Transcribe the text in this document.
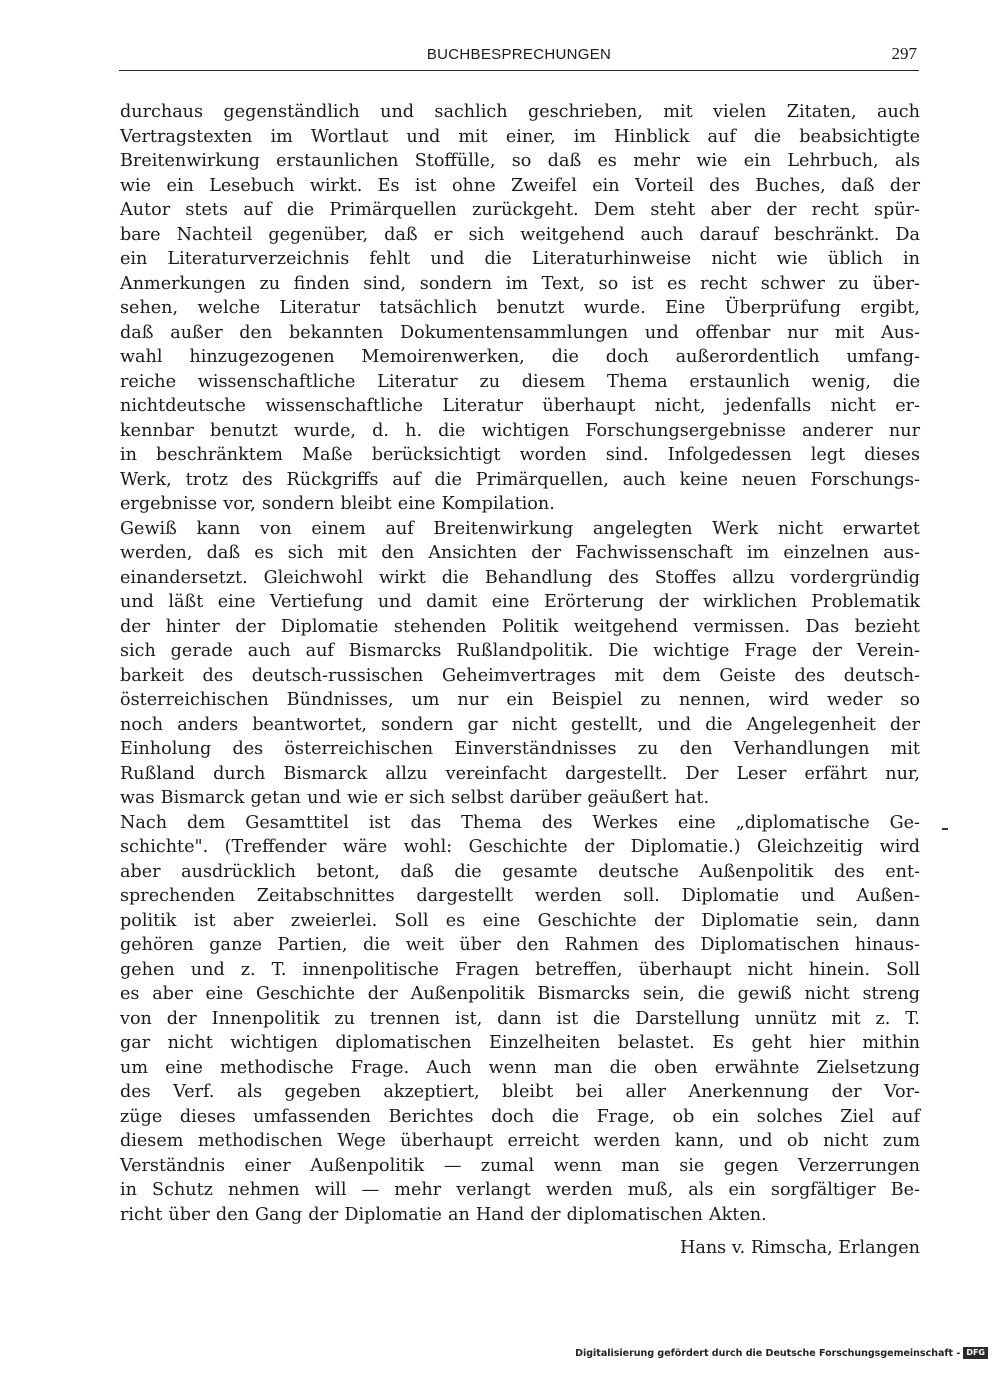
BUCHBESPRECHUNGEN	297
durchaus gegenständlich und sachlich geschrieben, mit vielen Zitaten, auch
Vertragstexten im Wortlaut und mit einer, im Hinblick auf die beabsichtigte
Breitenwirkung erstaunlichen Stoffülle, so daß es mehr wie ein Lehrbuch, als
wie ein Lesebuch wirkt. Es ist ohne Zweifel ein Vorteil des Buches, daß der
Autor stets auf die Primärquellen zurückgeht. Dem steht aber der recht spür-
bare Nachteil gegenüber, daß er sich weitgehend auch darauf beschränkt. Da
ein Literaturverzeichnis fehlt und die Literaturhinweise nicht wie üblich in
Anmerkungen zu finden sind, sondern im Text, so ist es recht schwer zu über-
sehen, welche Literatur tatsächlich benutzt wurde. Eine Überprüfung ergibt,
daß außer den bekannten Dokumentensammlungen und offenbar nur mit Aus-
wahl hinzugezogenen Memoirenwerken, die doch außerordentlich umfang-
reiche wissenschaftliche Literatur zu diesem Thema erstaunlich wenig, die
nichtdeutsche wissenschaftliche Literatur überhaupt nicht, jedenfalls nicht er-
kennbar benutzt wurde, d. h. die wichtigen Forschungsergebnisse anderer nur
in beschränktem Maße berücksichtigt worden sind. Infolgedessen legt dieses
Werk, trotz des Rückgriffs auf die Primärquellen, auch keine neuen Forschungs-
ergebnisse vor, sondern bleibt eine Kompilation.
Gewiß kann von einem auf Breitenwirkung angelegten Werk nicht erwartet
werden, daß es sich mit den Ansichten der Fachwissenschaft im einzelnen aus-
einandersetzt. Gleichwohl wirkt die Behandlung des Stoffes allzu vordergründig
und läßt eine Vertiefung und damit eine Erörterung der wirklichen Problematik
der hinter der Diplomatie stehenden Politik weitgehend vermissen. Das bezieht
sich gerade auch auf Bismarcks Rußlandpolitik. Die wichtige Frage der Verein-
barkeit des deutsch-russischen Geheimvertrages mit dem Geiste des deutsch-
österreichischen Bündnisses, um nur ein Beispiel zu nennen, wird weder so
noch anders beantwortet, sondern gar nicht gestellt, und die Angelegenheit der
Einholung des österreichischen Einverständnisses zu den Verhandlungen mit
Rußland durch Bismarck allzu vereinfacht dargestellt. Der Leser erfährt nur,
was Bismarck getan und wie er sich selbst darüber geäußert hat.
Nach dem Gesamttitel ist das Thema des Werkes eine „diplomatische Ge-
schichte". (Treffender wäre wohl: Geschichte der Diplomatie.) Gleichzeitig wird
aber ausdrücklich betont, daß die gesamte deutsche Außenpolitik des ent-
sprechenden Zeitabschnittes dargestellt werden soll. Diplomatie und Außen-
politik ist aber zweierlei. Soll es eine Geschichte der Diplomatie sein, dann
gehören ganze Partien, die weit über den Rahmen des Diplomatischen hinaus-
gehen und z. T. innenpolitische Fragen betreffen, überhaupt nicht hinein. Soll
es aber eine Geschichte der Außenpolitik Bismarcks sein, die gewiß nicht streng
von der Innenpolitik zu trennen ist, dann ist die Darstellung unnütz mit z. T.
gar nicht wichtigen diplomatischen Einzelheiten belastet. Es geht hier mithin
um eine methodische Frage. Auch wenn man die oben erwähnte Zielsetzung
des Verf. als gegeben akzeptiert, bleibt bei aller Anerkennung der Vor-
züge dieses umfassenden Berichtes doch die Frage, ob ein solches Ziel auf
diesem methodischen Wege überhaupt erreicht werden kann, und ob nicht zum
Verständnis einer Außenpolitik — zumal wenn man sie gegen Verzerrungen
in Schutz nehmen will — mehr verlangt werden muß, als ein sorgfältiger Be-
richt über den Gang der Diplomatie an Hand der diplomatischen Akten.
Hans v. Rimscha, Erlangen
Digitalisierung gefördert durch die Deutsche Forschungsgemeinschaft - DFG
